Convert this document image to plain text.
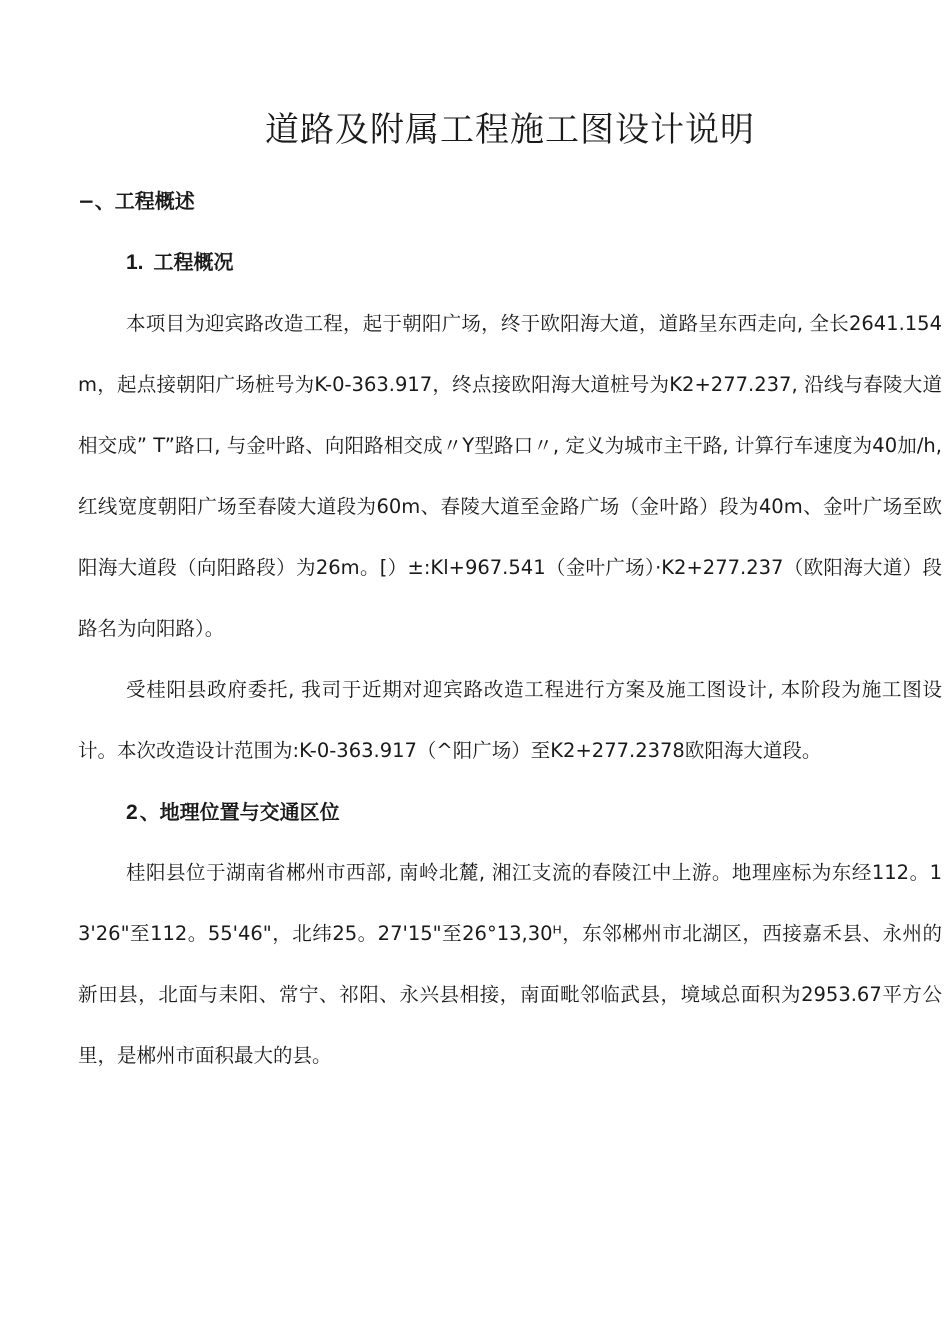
道路及附属工程施工图设计说明
−、工程概述
1. 工程概况

本项目为迎宾路改造工程，起于朝阳广场，终于欧阳海大道，道路呈东西走向, 全长2641.154m，起点接朝阳广场桩号为K-0-363.917，终点接欧阳海大道桩号为K2+277.237, 沿线与春陵大道相交成” T”路口, 与金叶路、向阳路相交成〃Y型路口〃, 定义为城市主干路, 计算行车速度为40加/h,红线宽度朝阳广场至春陵大道段为60m、春陵大道至金路广场（金叶路）段为40m、金叶广场至欧阳海大道段（向阳路段）为26m。[）±:Kl+967.541（金叶广场）·K2+277.237（欧阳海大道）段路名为向阳路）。

受桂阳县政府委托, 我司于近期对迎宾路改造工程进行方案及施工图设计, 本阶段为施工图设计。本次改造设计范围为:K-0-363.917（^阳广场）至K2+277.2378欧阳海大道段。

2 、地理位置与交通区位

桂阳县位于湖南省郴州市西部, 南岭北麓, 湘江支流的春陵江中上游。地理座标为东经112。13'26"至112。55'46"，北纬25。27'15"至26°13,30ᴴ，东邻郴州市北湖区，西接嘉禾县、永州的新田县，北面与耒阳、常宁、祁阳、永兴县相接，南面毗邻临武县，境域总面积为2953.67平方公里，是郴州市面积最大的县。
